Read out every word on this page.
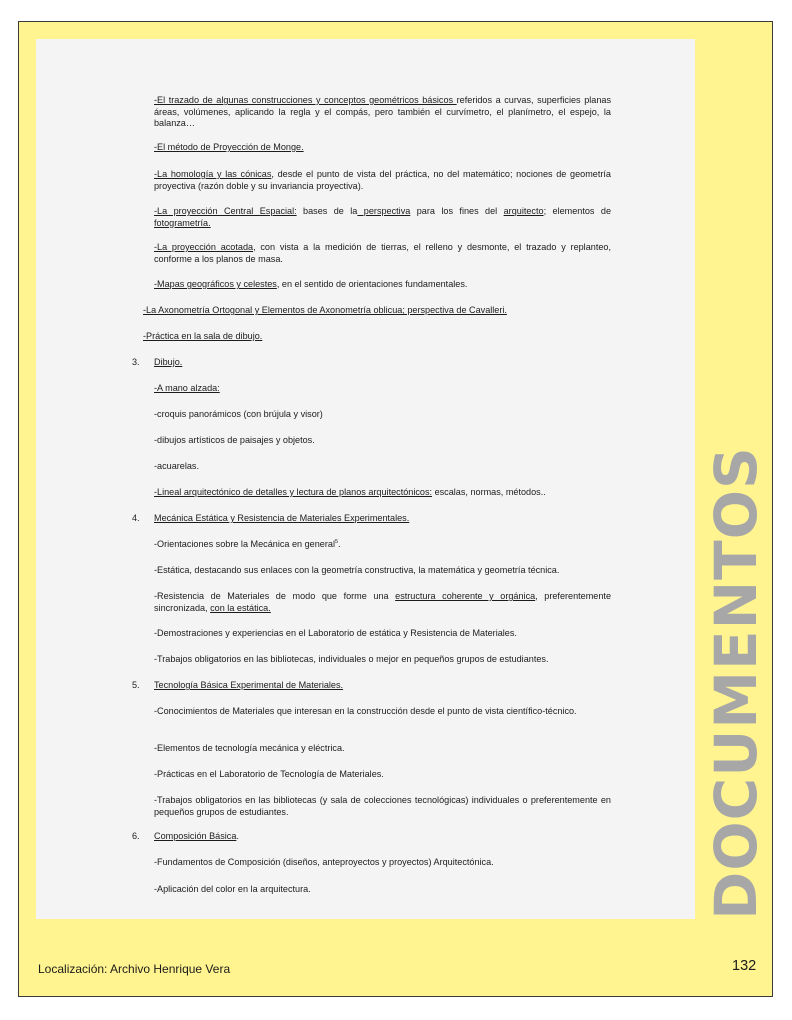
-El trazado de algunas construcciones y conceptos geométricos básicos referidos a curvas, superficies planas áreas, volúmenes, aplicando la regla y el compás, pero también el curvímetro, el planímetro, el espejo, la balanza…

-El método de Proyección de Monge.

-La homología y las cónicas, desde el punto de vista del práctica, no del matemático; nociones de geometría proyectiva (razón doble y su invariancia proyectiva).

-La proyección Central Espacial: bases de la perspectiva para los fines del arquitecto; elementos de fotogrametría.

-La proyección acotada, con vista a la medición de tierras, el relleno y desmonte, el trazado y replanteo, conforme a los planos de masa.

-Mapas geográficos y celestes, en el sentido de orientaciones fundamentales.

-La Axonometría Ortogonal y Elementos de Axonometría oblicua; perspectiva de Cavalleri.

-Práctica en la sala de dibujo.

3. Dibujo.

-A mano alzada:

-croquis panorámicos (con brújula y visor)

-dibujos artísticos de paisajes y objetos.

-acuarelas.

-Lineal arquitectónico de detalles y lectura de planos arquitectónicos: escalas, normas, métodos..

4. Mecánica Estática y Resistencia de Materiales Experimentales.

-Orientaciones sobre la Mecánica en general$^5$.

-Estática, destacando sus enlaces con la geometría constructiva, la matemática y geometría técnica.

-Resistencia de Materiales de modo que forme una estructura coherente y orgánica, preferentemente sincronizada, con la estática.

-Demostraciones y experiencias en el Laboratorio de estática y Resistencia de Materiales.

-Trabajos obligatorios en las bibliotecas, individuales o mejor en pequeños grupos de estudiantes.

5. Tecnología Básica Experimental de Materiales.

-Conocimientos de Materiales que interesan en la construcción desde el punto de vista científico-técnico.

-Elementos de tecnología mecánica y eléctrica.

-Prácticas en el Laboratorio de Tecnología de Materiales.

-Trabajos obligatorios en las bibliotecas (y sala de colecciones tecnológicas) individuales o preferentemente en pequeños grupos de estudiantes.

6. Composición Básica.

-Fundamentos de Composición (diseños, anteproyectos y proyectos) Arquitectónica.

-Aplicación del color en la arquitectura.	DOCUMENTOS
Localización: Archivo Henrique Vera	132
